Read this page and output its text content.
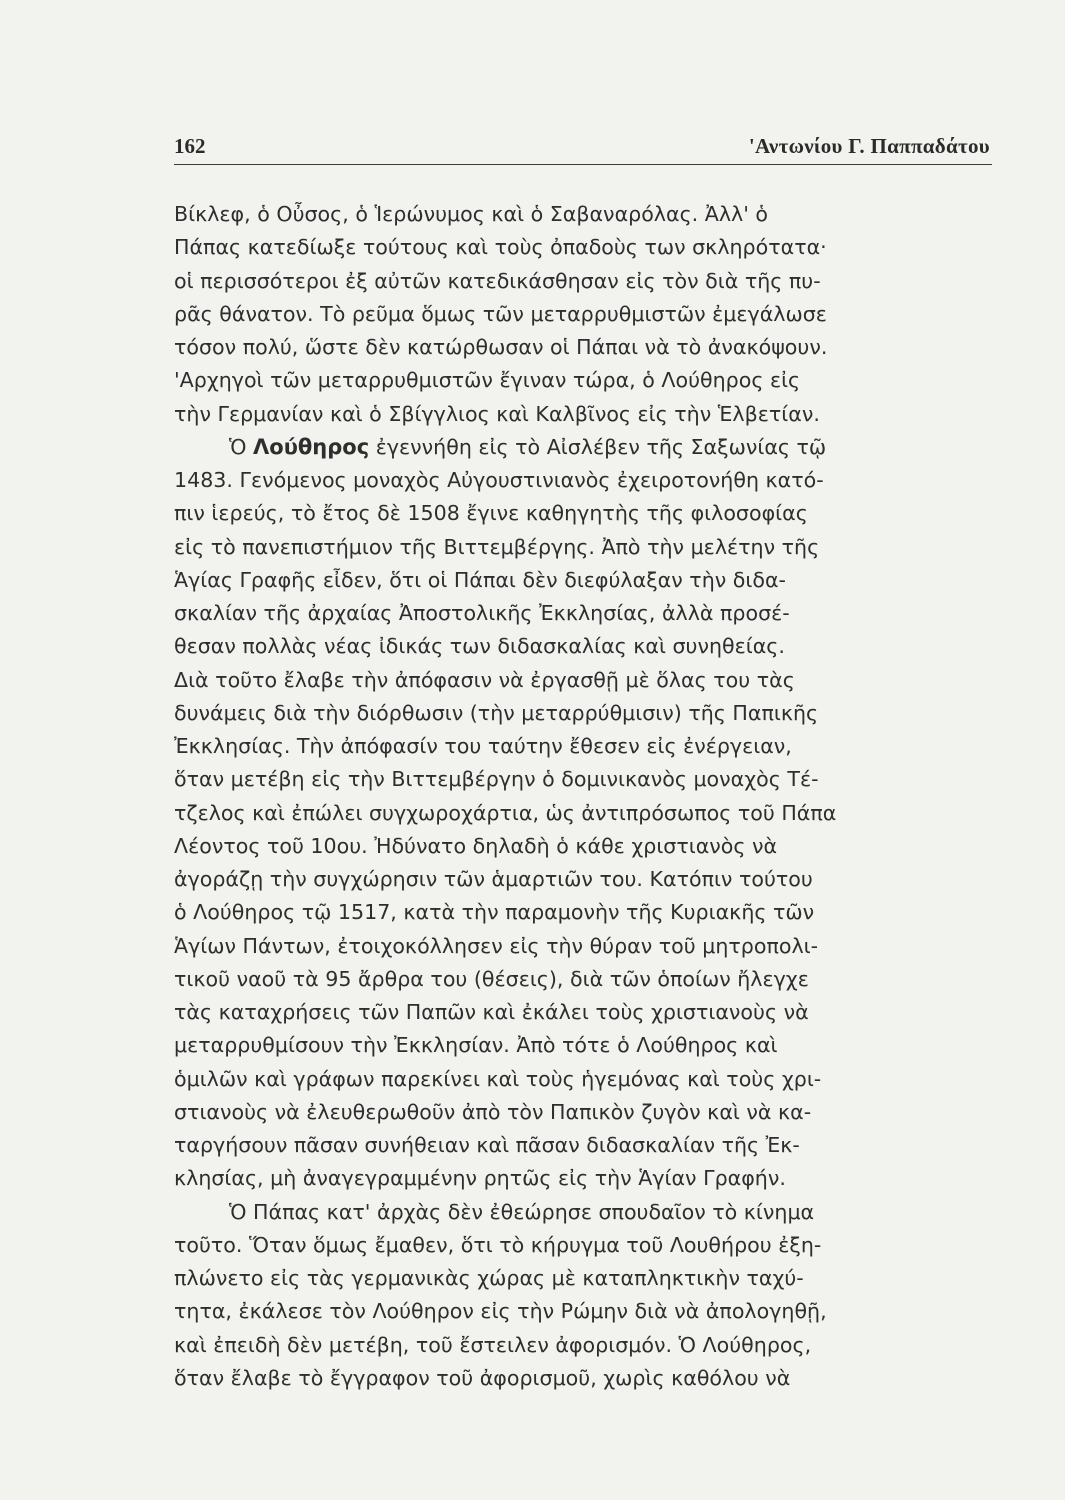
162	'Αντωνίου Γ. Παππαδάτου
Βίκλεφ, ὁ Οὖσος, ὁ Ἱερώνυμος καὶ ὁ Σαβαναρόλας. Ἀλλ' ὁ
Πάπας κατεδίωξε τούτους καὶ τοὺς ὀπαδοὺς των σκληρότατα·
οἱ περισσότεροι ἐξ αὐτῶν κατεδικάσθησαν εἰς τὸν διὰ τῆς πυ-
ρᾶς θάνατον. Τὸ ρεῦμα ὅμως τῶν μεταρρυθμιστῶν ἐμεγάλωσε
τόσον πολύ, ὥστε δὲν κατώρθωσαν οἱ Πάπαι νὰ τὸ ἀνακόψουν.
'Αρχηγοὶ τῶν μεταρρυθμιστῶν ἔγιναν τώρα, ὁ Λούθηρος εἰς
τὴν Γερμανίαν καὶ ὁ Σβίγγλιος καὶ Καλβῖνος εἰς τὴν Ἑλβετίαν.
Ὁ Λούθηρος ἐγεννήθη εἰς τὸ Αἰσλέβεν τῆς Σαξωνίας τῷ
1483. Γενόμενος μοναχὸς Αὐγουστινιανὸς ἐχειροτονήθη κατό-
πιν ἱερεύς, τὸ ἔτος δὲ 1508 ἔγινε καθηγητὴς τῆς φιλοσοφίας
εἰς τὸ πανεπιστήμιον τῆς Βιττεμβέργης. Ἀπὸ τὴν μελέτην τῆς
Ἁγίας Γραφῆς εἶδεν, ὅτι οἱ Πάπαι δὲν διεφύλαξαν τὴν διδα-
σκαλίαν τῆς ἀρχαίας Ἀποστολικῆς Ἐκκλησίας, ἀλλὰ προσέ-
θεσαν πολλὰς νέας ἰδικάς των διδασκαλίας καὶ συνηθείας.
Διὰ τοῦτο ἔλαβε τὴν ἀπόφασιν νὰ ἐργασθῇ μὲ ὅλας του τὰς
δυνάμεις διὰ τὴν διόρθωσιν (τὴν μεταρρύθμισιν) τῆς Παπικῆς
Ἐκκλησίας. Τὴν ἀπόφασίν του ταύτην ἔθεσεν εἰς ἐνέργειαν,
ὅταν μετέβη εἰς τὴν Βιττεμβέργην ὁ δομινικανὸς μοναχὸς Τέ-
τζελος καὶ ἐπώλει συγχωροχάρτια, ὡς ἀντιπρόσωπος τοῦ Πάπα
Λέοντος τοῦ 10ου. Ἠδύνατο δηλαδὴ ὁ κάθε χριστιανὸς νὰ
ἀγοράζῃ τὴν συγχώρησιν τῶν ἁμαρτιῶν του. Κατόπιν τούτου
ὁ Λούθηρος τῷ 1517, κατὰ τὴν παραμονὴν τῆς Κυριακῆς τῶν
Ἁγίων Πάντων, ἐτοιχοκόλλησεν εἰς τὴν θύραν τοῦ μητροπολι-
τικοῦ ναοῦ τὰ 95 ἄρθρα του (θέσεις), διὰ τῶν ὁποίων ἤλεγχε
τὰς καταχρήσεις τῶν Παπῶν καὶ ἐκάλει τοὺς χριστιανοὺς νὰ
μεταρρυθμίσουν τὴν Ἐκκλησίαν. Ἀπὸ τότε ὁ Λούθηρος καὶ
ὁμιλῶν καὶ γράφων παρεκίνει καὶ τοὺς ἡγεμόνας καὶ τοὺς χρι-
στιανοὺς νὰ ἐλευθερωθοῦν ἀπὸ τὸν Παπικὸν ζυγὸν καὶ νὰ κα-
ταργήσουν πᾶσαν συνήθειαν καὶ πᾶσαν διδασκαλίαν τῆς Ἐκ-
κλησίας, μὴ ἀναγεγραμμένην ρητῶς εἰς τὴν Ἁγίαν Γραφήν.
Ὁ Πάπας κατ' ἀρχὰς δὲν ἐθεώρησε σπουδαῖον τὸ κίνημα
τοῦτο. Ὅταν ὅμως ἔμαθεν, ὅτι τὸ κήρυγμα τοῦ Λουθήρου ἐξη-
πλώνετο εἰς τὰς γερμανικὰς χώρας μὲ καταπληκτικὴν ταχύ-
τητα, ἐκάλεσε τὸν Λούθηρον εἰς τὴν Ρώμην διὰ νὰ ἀπολογηθῇ,
καὶ ἐπειδὴ δὲν μετέβη, τοῦ ἔστειλεν ἀφορισμόν. Ὁ Λούθηρος,
ὅταν ἔλαβε τὸ ἔγγραφον τοῦ ἀφορισμοῦ, χωρὶς καθόλου νὰ
